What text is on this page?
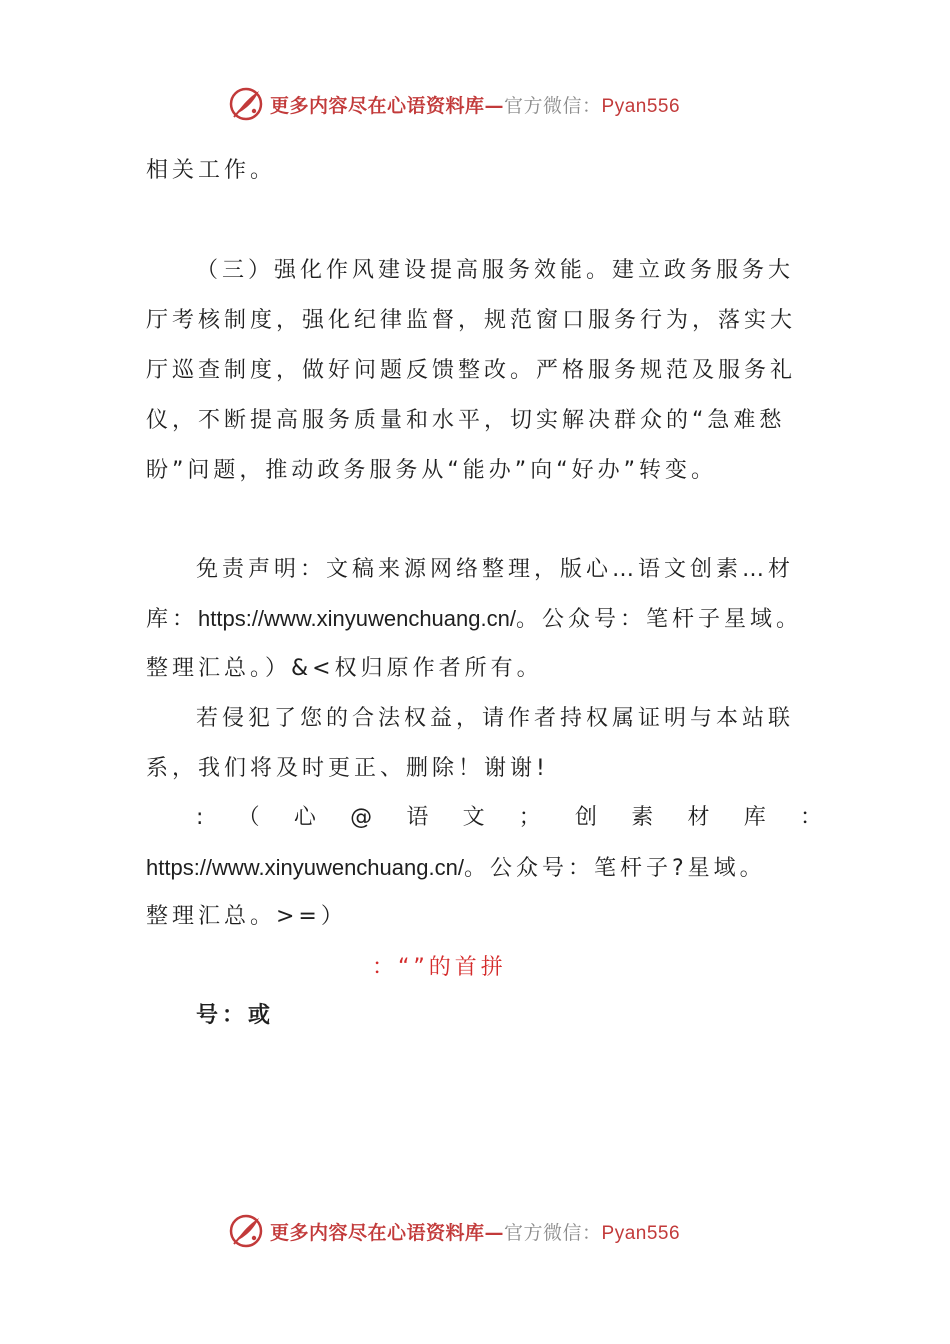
更多内容尽在心语资料库—官方微信：Pyan556
相关工作。
（三）强化作风建设提高服务效能。建立政务服务大
厅考核制度，强化纪律监督，规范窗口服务行为，落实大
厅巡查制度，做好问题反馈整改。严格服务规范及服务礼
仪，不断提高服务质量和水平，切实解决群众的“急难愁
盼”问题，推动政务服务从“能办”向“好办”转变。
免责声明：文稿来源网络整理，版心…语文创素…材
库：https://www.xinyuwenchuang.cn/。公众号：笔杆子星域。
整理汇总。）&<权归原作者所有。
若侵犯了您的合法权益，请作者持权属证明与本站联
系，我们将及时更正、删除！谢谢!
: （ 心 @ 语 文 ； 创 素 材 库 ：
https://www.xinyuwenchuang.cn/。公众号：笔杆子?星域。
整理汇总。>=）
：“”的首拼
号：或
更多内容尽在心语资料库—官方微信：Pyan556
